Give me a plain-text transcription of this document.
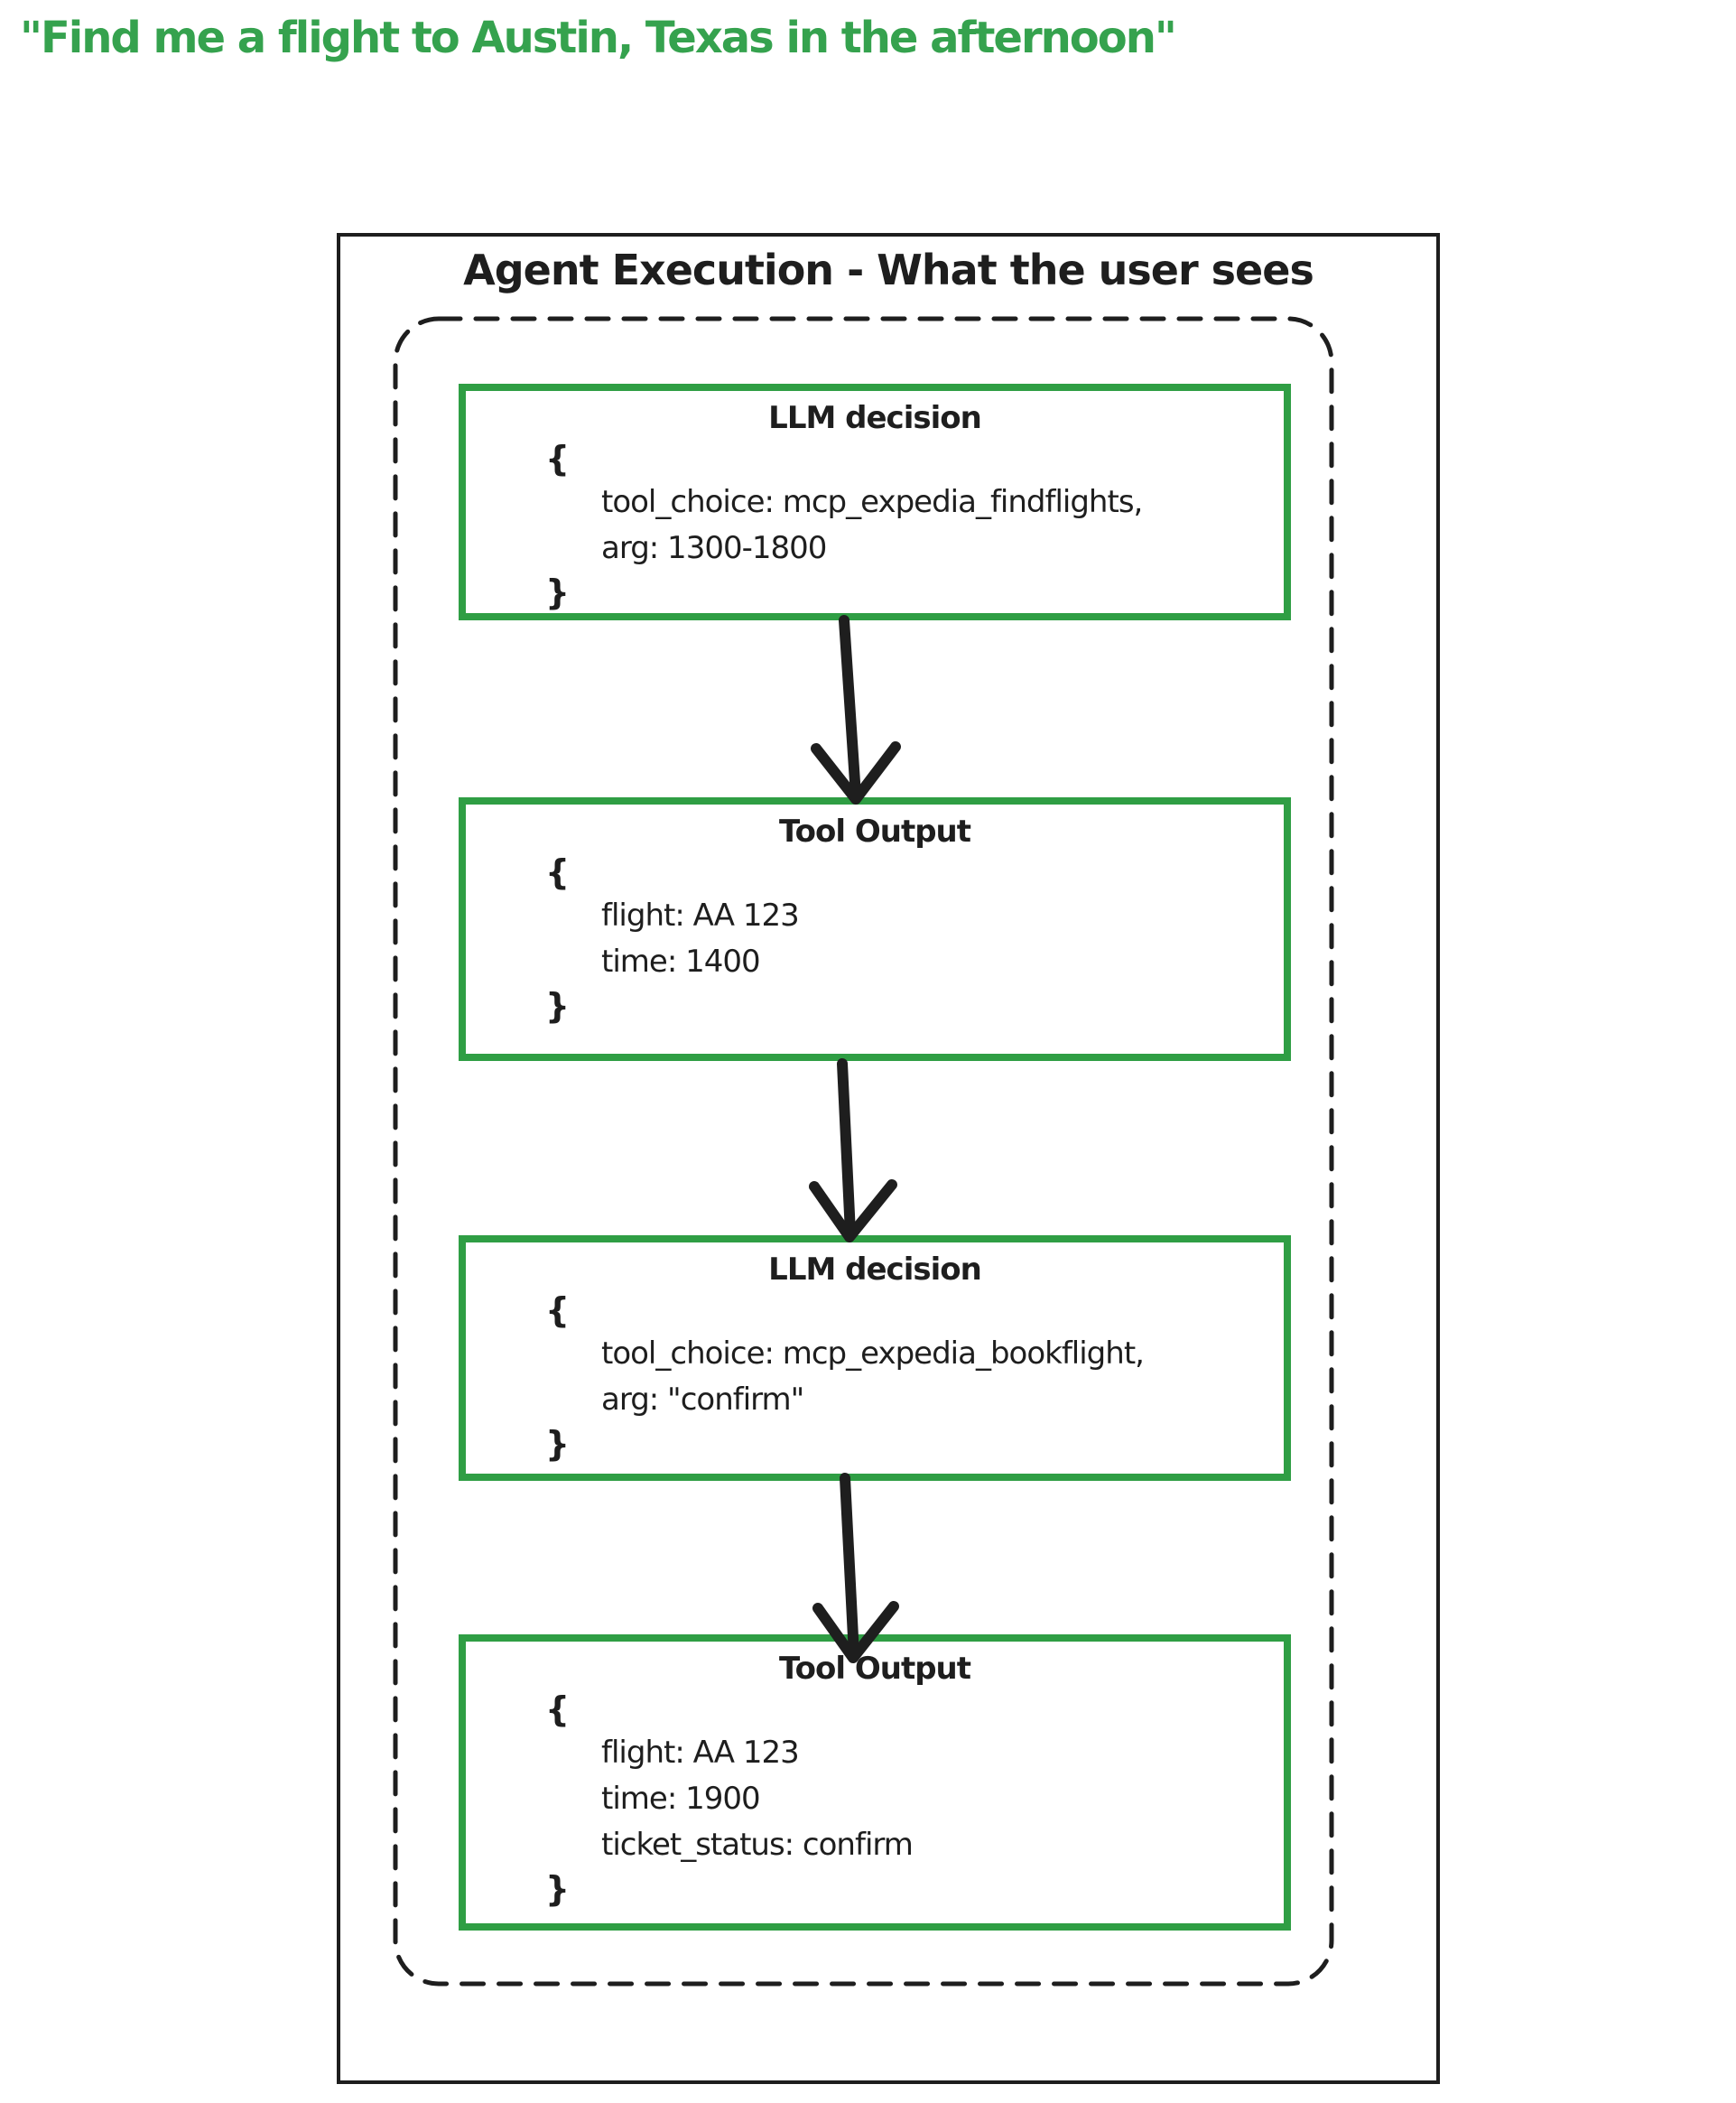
"Find me a flight to Austin, Texas in the afternoon"
Agent Execution - What the user sees
LLM decision
{
tool_choice: mcp_expedia_findflights,
arg: 1300-1800
}
Tool Output
{
flight: AA 123
time: 1400
}
LLM decision
{
tool_choice: mcp_expedia_bookflight,
arg: "confirm"
}
Tool Output
{
flight: AA 123
time: 1900
ticket_status: confirm
}
